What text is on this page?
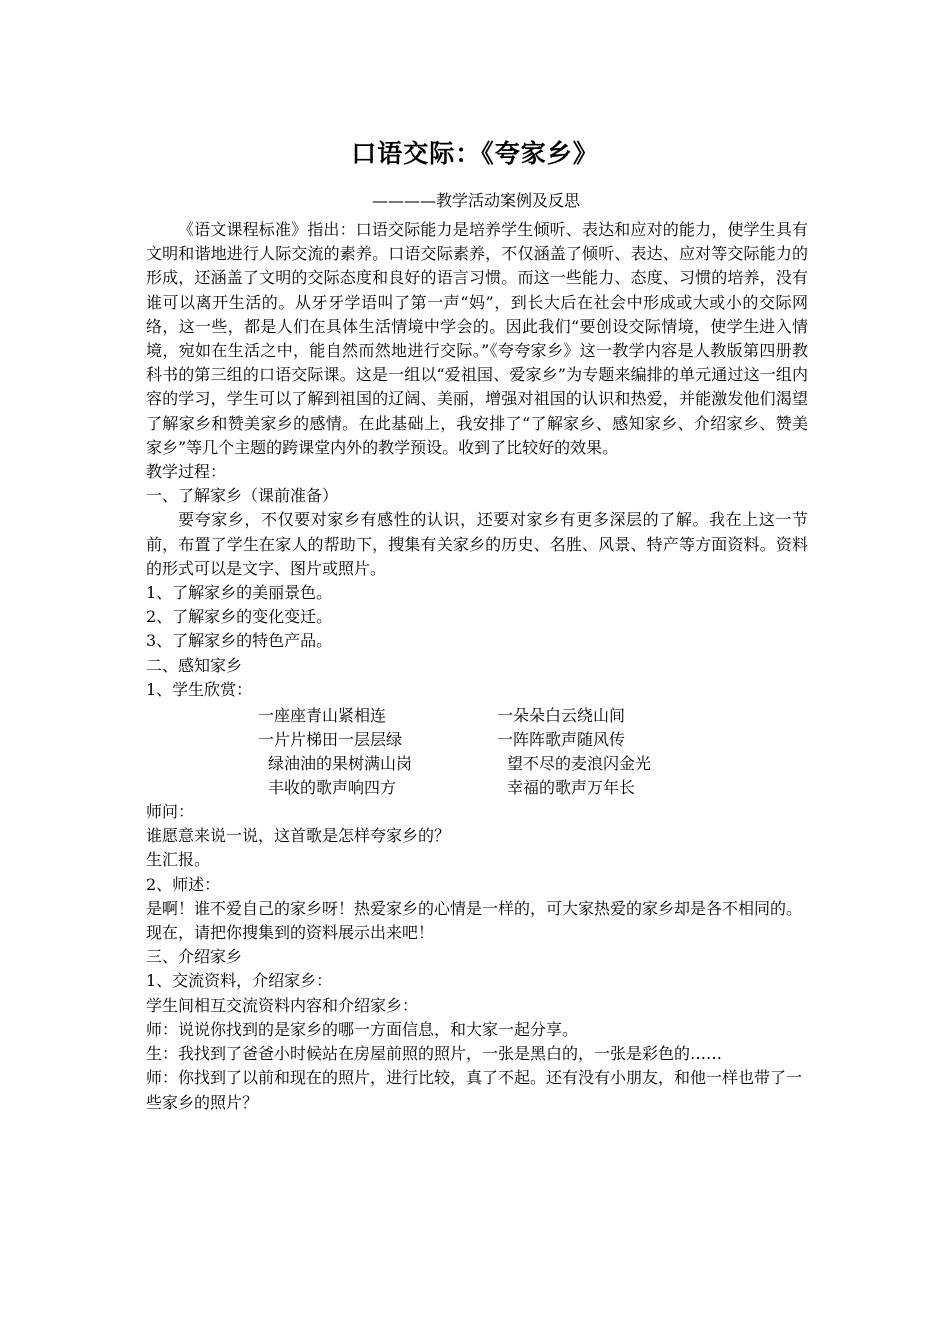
口语交际：《夸家乡》
————教学活动案例及反思

《语文课程标准》指出：口语交际能力是培养学生倾听、表达和应对的能力，使学生具有文明和谐地进行人际交流的素养。口语交际素养，不仅涵盖了倾听、表达、应对等交际能力的形成，还涵盖了文明的交际态度和良好的语言习惯。而这一些能力、态度、习惯的培养，没有谁可以离开生活的。从牙牙学语叫了第一声“妈”，到长大后在社会中形成或大或小的交际网络，这一些，都是人们在具体生活情境中学会的。因此我们“要创设交际情境，使学生进入情境，宛如在生活之中，能自然而然地进行交际。”《夸夸家乡》这一教学内容是人教版第四册教科书的第三组的口语交际课。这是一组以“爱祖国、爱家乡”为专题来编排的单元通过这一组内容的学习，学生可以了解到祖国的辽阔、美丽，增强对祖国的认识和热爱，并能激发他们渴望了解家乡和赞美家乡的感情。在此基础上，我安排了“了解家乡、感知家乡、介绍家乡、赞美家乡”等几个主题的跨课堂内外的教学预设。收到了比较好的效果。

教学过程：

一、了解家乡（课前准备）

要夸家乡，不仅要对家乡有感性的认识，还要对家乡有更多深层的了解。我在上这一节前，布置了学生在家人的帮助下，搜集有关家乡的历史、名胜、风景、特产等方面资料。资料的形式可以是文字、图片或照片。

1、了解家乡的美丽景色。

2、了解家乡的变化变迁。

3、了解家乡的特色产品。

二、感知家乡

1、学生欣赏：

一座座青山紧相连	一朵朵白云绕山间
一片片梯田一层层绿	一阵阵歌声随风传
绿油油的果树满山岗	望不尽的麦浪闪金光
丰收的歌声响四方	幸福的歌声万年长

师问：

谁愿意来说一说，这首歌是怎样夸家乡的？

生汇报。

2、师述：

是啊！谁不爱自己的家乡呀！热爱家乡的心情是一样的，可大家热爱的家乡却是各不相同的。现在，请把你搜集到的资料展示出来吧！

三、介绍家乡

1、交流资料，介绍家乡：

学生间相互交流资料内容和介绍家乡：

师：说说你找到的是家乡的哪一方面信息，和大家一起分享。

生：我找到了爸爸小时候站在房屋前照的照片，一张是黑白的，一张是彩色的……

师：你找到了以前和现在的照片，进行比较，真了不起。还有没有小朋友，和他一样也带了一些家乡的照片？
